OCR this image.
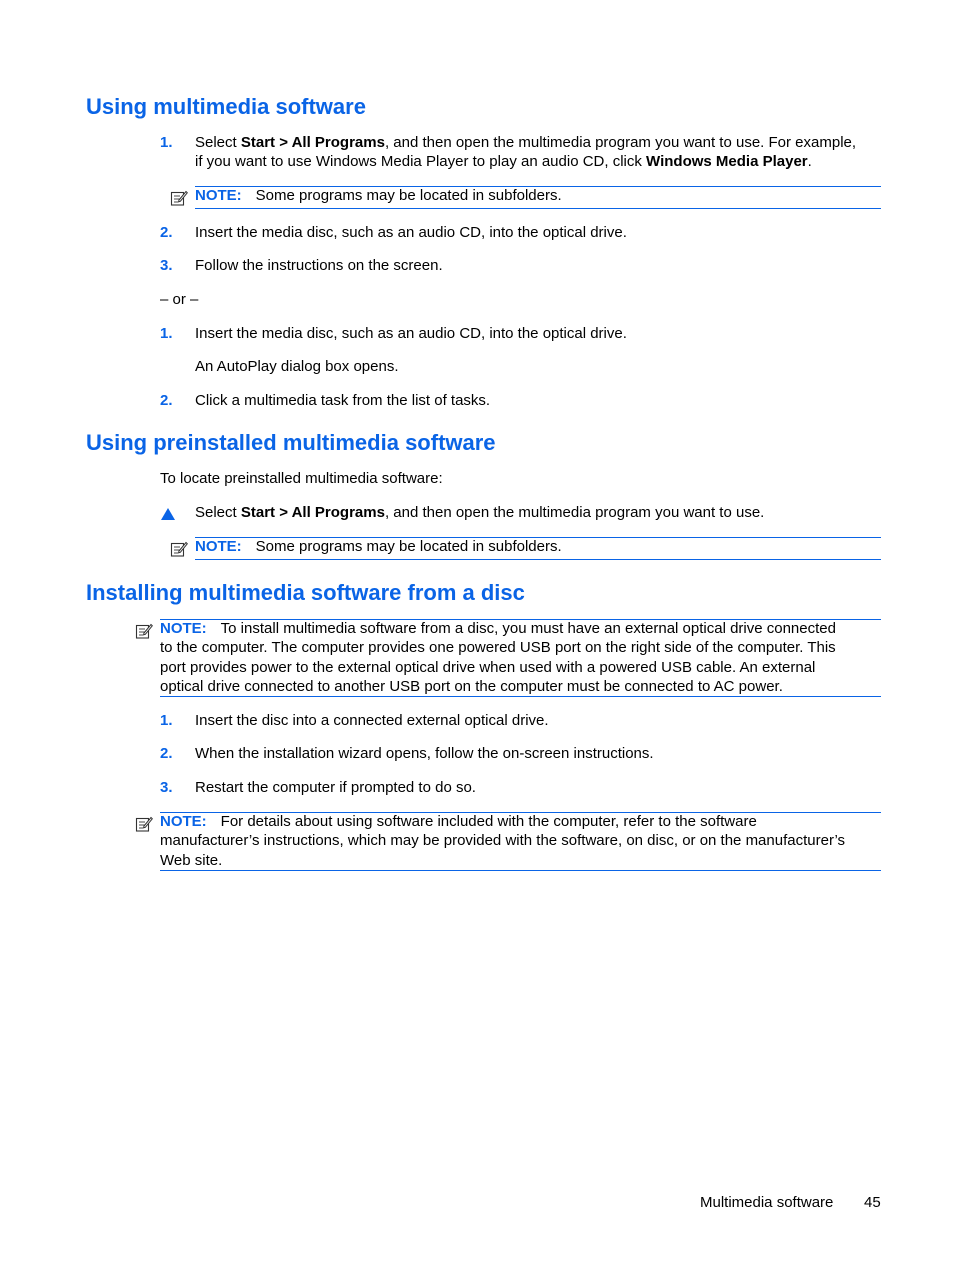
Using multimedia software
1. Select Start > All Programs, and then open the multimedia program you want to use. For example,
if you want to use Windows Media Player to play an audio CD, click Windows Media Player.
NOTE: Some programs may be located in subfolders.
2. Insert the media disc, such as an audio CD, into the optical drive.
3. Follow the instructions on the screen.
– or –
1. Insert the media disc, such as an audio CD, into the optical drive.
An AutoPlay dialog box opens.
2. Click a multimedia task from the list of tasks.
Using preinstalled multimedia software
To locate preinstalled multimedia software:
Select Start > All Programs, and then open the multimedia program you want to use.
NOTE: Some programs may be located in subfolders.
Installing multimedia software from a disc
NOTE: To install multimedia software from a disc, you must have an external optical drive connected
to the computer. The computer provides one powered USB port on the right side of the computer. This
port provides power to the external optical drive when used with a powered USB cable. An external
optical drive connected to another USB port on the computer must be connected to AC power.
1. Insert the disc into a connected external optical drive.
2. When the installation wizard opens, follow the on-screen instructions.
3. Restart the computer if prompted to do so.
NOTE: For details about using software included with the computer, refer to the software
manufacturer’s instructions, which may be provided with the software, on disc, or on the manufacturer’s
Web site.
Multimedia software 45
